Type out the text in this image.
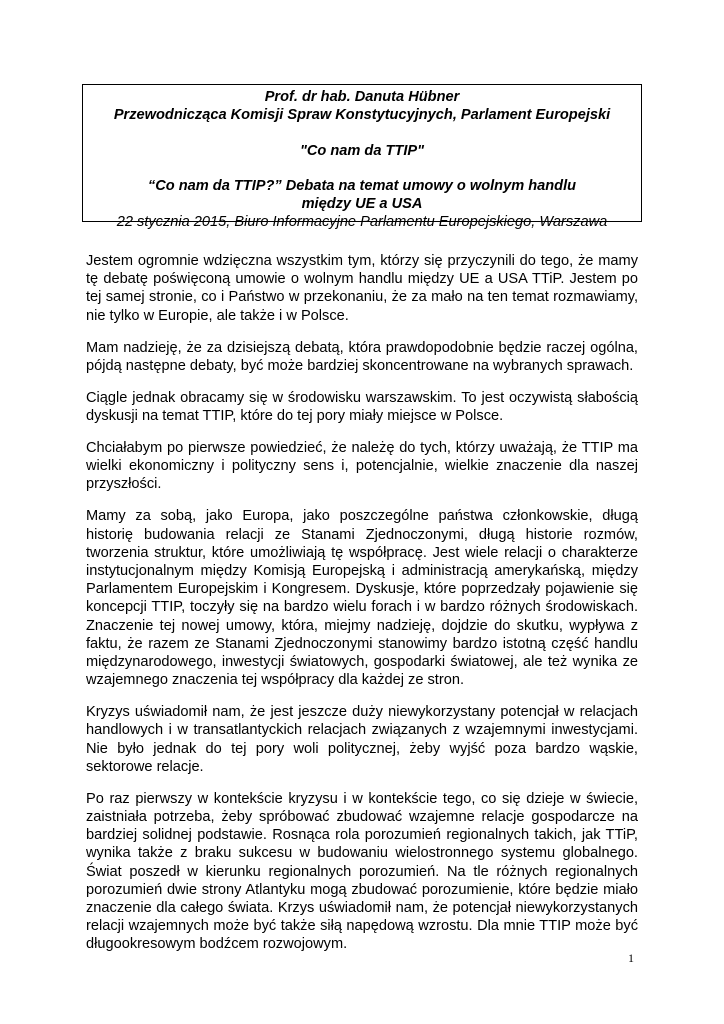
Prof. dr hab. Danuta Hübner
Przewodnicząca Komisji Spraw Konstytucyjnych, Parlament Europejski
"Co nam da TTIP"
“Co nam da TTIP?” Debata na temat umowy o wolnym handlu
między UE a USA
22 stycznia 2015, Biuro Informacyjne Parlamentu Europejskiego, Warszawa

Jestem ogromnie wdzięczna wszystkim tym, którzy się przyczynili do tego, że mamy tę debatę poświęconą umowie o wolnym handlu między UE a USA TTiP. Jestem po tej samej stronie, co i Państwo w przekonaniu, że za mało na ten temat rozmawiamy, nie tylko w Europie, ale także i w Polsce.

Mam nadzieję, że za dzisiejszą debatą, która prawdopodobnie będzie raczej ogólna, pójdą następne debaty, być może bardziej skoncentrowane na wybranych sprawach.

Ciągle jednak obracamy się w środowisku warszawskim. To jest oczywistą słabością dyskusji na temat TTIP, które do tej pory miały miejsce w Polsce.

Chciałabym po pierwsze powiedzieć, że należę do tych, którzy uważają, że TTIP ma wielki ekonomiczny i polityczny sens i, potencjalnie, wielkie znaczenie dla naszej przyszłości.

Mamy za sobą, jako Europa, jako poszczególne państwa członkowskie, długą historię budowania relacji ze Stanami Zjednoczonymi, długą historie rozmów, tworzenia struktur, które umożliwiają tę współpracę. Jest wiele relacji o charakterze instytucjonalnym między Komisją Europejską i administracją amerykańską, między Parlamentem Europejskim i Kongresem. Dyskusje, które poprzedzały pojawienie się koncepcji TTIP, toczyły się na bardzo wielu forach i w bardzo różnych środowiskach. Znaczenie tej nowej umowy, która, miejmy nadzieję, dojdzie do skutku, wypływa z faktu, że razem ze Stanami Zjednoczonymi stanowimy bardzo istotną część handlu międzynarodowego, inwestycji światowych, gospodarki światowej, ale też wynika ze wzajemnego znaczenia tej współpracy dla każdej ze stron.

Kryzys uświadomił nam, że jest jeszcze duży niewykorzystany potencjał w relacjach handlowych i w transatlantyckich relacjach związanych z wzajemnymi inwestycjami. Nie było jednak do tej pory woli politycznej, żeby wyjść poza bardzo wąskie, sektorowe relacje.

Po raz pierwszy w kontekście kryzysu i w kontekście tego, co się dzieje w świecie, zaistniała potrzeba, żeby spróbować zbudować wzajemne relacje gospodarcze na bardziej solidnej podstawie. Rosnąca rola porozumień regionalnych takich, jak TTiP, wynika także z braku sukcesu w budowaniu wielostronnego systemu globalnego. Świat poszedł w kierunku regionalnych porozumień. Na tle różnych regionalnych porozumień dwie strony Atlantyku mogą zbudować porozumienie, które będzie miało znaczenie dla całego świata. Krzys uświadomił nam, że potencjał niewykorzystanych relacji wzajemnych może być także siłą napędową wzrostu. Dla mnie TTIP może być długookresowym bodźcem rozwojowym.

1
